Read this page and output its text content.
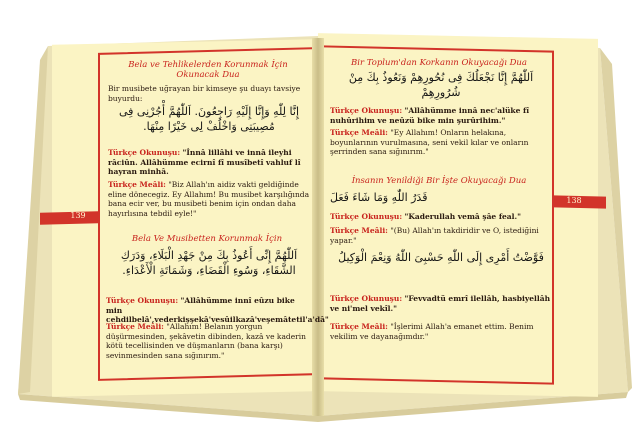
Bela ve Tehlikelerden Korunmak İçin Okunacak Dua
Bir musibete uğrayan bir kimseye şu duayı tavsiye buyurdu:
إِنَّا لِلّٰهِ وَإِنَّا إِلَيْهِ رَاجِعُونَ. اَللّٰهُمَّ أْجُرْنِى فِى مُصِيبَتِى وَاخْلُفْ لِى خَيْرًا مِنْهَا.
Türkçe Okunuşu: "İnnâ lillâhi ve innâ ileyhi râciûn. Allâhümme ecirnî fî musîbetî vahluf lî hayran minhâ.
Türkçe Meâli: "Biz Allah'ın aidiz vakti geldiğinde eline dönecegiz. Ey Allahım! Bu musibet karşılığında bana ecir ver, bu musibeti benim için ondan daha hayırlısına tebdil eyle!"
Bela Ve Musibetten Korunmak İçin
اَللّٰهُمَّ إِنِّى أَعُوذُ بِكَ مِنْ جَهْدِ الْبَلَاءِ، وَدَرَكِ الشَّقَاءِ، وَسُوءِ الْقَضَاءِ، وَشَمَاتَةِ الْأَعْدَاءِ.
Türkçe Okunuşu: "Allâhümme innî eûzu bike min cehdilbelâ',vederkişşekâ'vesûilkazâ'veşemâtetil'a'dâ"
Türkçe Meâli: "Allahım! Belanın yorgun düşürmesinden, şekâvetin dibinden, kazâ ve kaderin kötü tecellisinden ve düşmanların (bana karşı) sevinmesinden sana sığınırım."
139
Bir Toplum'dan Korkanın Okuyacağı Dua
اَللّٰهُمَّ إِنَّا نَجْعَلُكَ فِى نُحُورِهِمْ وَنَعُوذُ بِكَ مِنْ شُرُورِهِمْ
Türkçe Okunuşu: "Allâhümme innâ nec'alüke fî nuhûrihim ve neûzü bike min şurûrihim."
Türkçe Meâli: "Ey Allahım! Onların helakına, boyunlarının vurulmasına, seni vekil kılar ve onların şerrinden sana sığınırım."
İnsanın Yenildiği Bir İşte Okuyacağı Dua
قَدَرُ اللّٰهِ وَمَا شَاءَ فَعَلَ
Türkçe Okunuşu: "Kaderullah vemâ şâe feal."
Türkçe Meâli: "(Bu) Allah'ın takdiridir ve O, istediğini yapar."
فَوَّضْتُ أَمْرِى إِلَى اللّٰهِ حَسْبِىَ اللّٰهُ وَنِعْمَ الْوَكِيلُ
Türkçe Okunuşu: "Fevvadtü emrî ilellâh, hasbiyellâh ve ni'mel vekîl."
Türkçe Meâli: "İşlerimi Allah'a emanet ettim. Benim vekilim ve dayanağımdır."
138
